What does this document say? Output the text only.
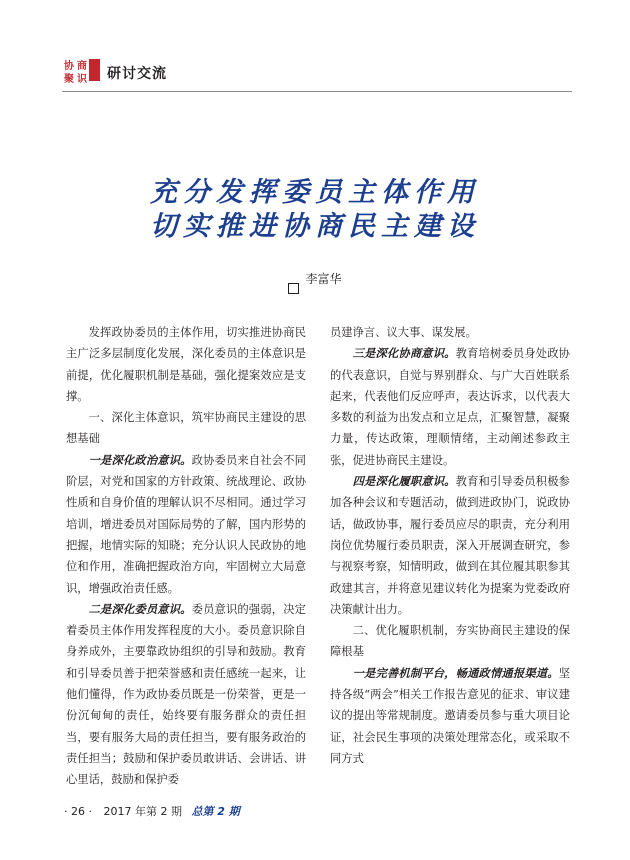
协 商
聚 识 研讨交流
充分发挥委员主体作用
切实推进协商民主建设
李富华

发挥政协委员的主体作用，切实推进协商民主广泛多层制度化发展，深化委员的主体意识是前提，优化履职机制是基础，强化提案效应是支撑。

一、深化主体意识，筑牢协商民主建设的思想基础

一是深化政治意识。政协委员来自社会不同阶层，对党和国家的方针政策、统战理论、政协性质和自身价值的理解认识不尽相同。通过学习培训，增进委员对国际局势的了解，国内形势的把握，地情实际的知晓；充分认识人民政协的地位和作用，准确把握政治方向，牢固树立大局意识，增强政治责任感。

二是深化委员意识。委员意识的强弱，决定着委员主体作用发挥程度的大小。委员意识除自身养成外，主要靠政协组织的引导和鼓励。教育和引导委员善于把荣誉感和责任感统一起来，让他们懂得，作为政协委员既是一份荣誉，更是一份沉甸甸的责任，始终要有服务群众的责任担当，要有服务大局的责任担当，要有服务政治的责任担当；鼓励和保护委员敢讲话、会讲话、讲心里话，鼓励和保护委

员建诤言、议大事、谋发展。

三是深化协商意识。教育培树委员身处政协的代表意识，自觉与界别群众、与广大百姓联系起来，代表他们反应呼声，表达诉求，以代表大多数的利益为出发点和立足点，汇聚智慧，凝聚力量，传达政策，理顺情绪，主动阐述参政主张，促进协商民主建设。

四是深化履职意识。教育和引导委员积极参加各种会议和专题活动，做到进政协门，说政协话，做政协事，履行委员应尽的职责，充分利用岗位优势履行委员职责，深入开展调查研究，参与视察考察，知情明政，做到在其位履其职参其政建其言，并将意见建议转化为提案为党委政府决策献计出力。

二、优化履职机制，夯实协商民主建设的保障根基

一是完善机制平台，畅通政情通报渠道。坚持各级“两会”相关工作报告意见的征求、审议建议的提出等常规制度。邀请委员参与重大项目论证，社会民生事项的决策处理常态化，或采取不同方式

· 26 · 2017 年第 2 期 总第 2 期
